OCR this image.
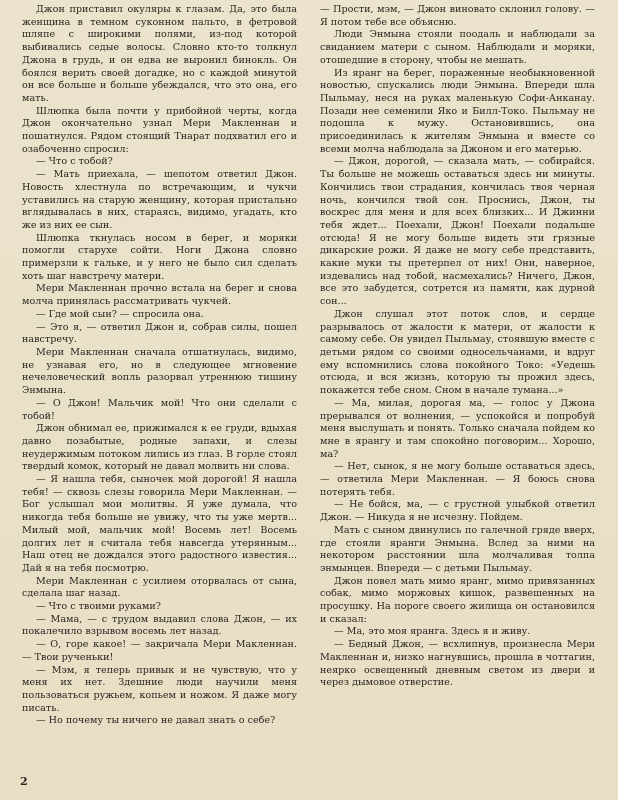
Джон приставил окуляры к глазам. Да, это была женщина в темном суконном пальто, в фетровой шляпе с широкими полями, из-под которой выбивались седые волосы. Словно кто-то толкнул Джона в грудь, и он едва не выронил бинокль. Он боялся верить своей догадке, но с каждой минутой он все больше и больше убеждался, что это она, его мать.

Шлюпка была почти у прибойной черты, когда Джон окончательно узнал Мери Макленнан и пошатнулся. Рядом стоящий Тнарат подхватил его и озабоченно спросил:

— Что с тобой?

— Мать приехала, — шепотом ответил Джон. Новость хлестнула по встречающим, и чукчи уставились на старую женщину, которая пристально вглядывалась в них, стараясь, видимо, угадать, кто же из них ее сын.

Шлюпка ткнулась носом в берег, и моряки помогли старухе сойти. Ноги Джона словно примерзли к гальке, и у него не было сил сделать хоть шаг навстречу матери.

Мери Макленнан прочно встала на берег и снова молча принялась рассматривать чукчей.

— Где мой сын? — спросила она.

— Это я, — ответил Джон и, собрав силы, пошел навстречу.

Мери Макленнан сначала отшатнулась, видимо, не узнавая его, но в следующее мгновение нечеловеческий вопль разорвал утреннюю тишину Энмына.

— О Джон! Мальчик мой! Что они сделали с тобой!

Джон обнимал ее, прижимался к ее груди, вдыхая давно позабытые, родные запахи, и слезы неудержимым потоком лились из глаз. В горле стоял твердый комок, который не давал молвить ни слова.

— Я нашла тебя, сыночек мой дорогой! Я нашла тебя! — сквозь слезы говорила Мери Макленнан. — Бог услышал мои молитвы. Я уже думала, что никогда тебя больше не увижу, что ты уже мертв... Милый мой, мальчик мой! Восемь лет! Восемь долгих лет я считала тебя навсегда утерянным... Наш отец не дождался этого радостного известия... Дай я на тебя посмотрю.

Мери Макленнан с усилием оторвалась от сына, сделала шаг назад.

— Что с твоими руками?

— Мама, — с трудом выдавил слова Джон, — их покалечило взрывом восемь лет назад.

— О, горе какое! — закричала Мери Макленнан. — Твои рученьки!

— Мэм, я теперь привык и не чувствую, что у меня их нет. Здешние люди научили меня пользоваться ружьем, копьем и ножом. Я даже могу писать.

— Но почему ты ничего не давал знать о себе?

— Прости, мэм, — Джон виновато склонил голову. — Я потом тебе все объясню.

Люди Энмына стояли поодаль и наблюдали за свиданием матери с сыном. Наблюдали и моряки, отошедшие в сторону, чтобы не мешать.

Из яранг на берег, пораженные необыкновенной новостью, спускались люди Энмына. Впереди шла Пыльмау, неся на руках маленькую Софи-Анканау. Позади нее семенили Яко и Билл-Токо. Пыльмау не подошла к мужу. Остановившись, она присоединилась к жителям Энмына и вместе со всеми молча наблюдала за Джоном и его матерью.

— Джон, дорогой, — сказала мать, — собирайся. Ты больше не можешь оставаться здесь ни минуты. Кончились твои страдания, кончилась твоя черная ночь, кончился твой сон. Проснись, Джон, ты воскрес для меня и для всех близких... И Джинни тебя ждет... Поехали, Джон! Поехали подальше отсюда! Я не могу больше видеть эти грязные дикарские рожи. Я даже не могу себе представить, какие муки ты претерпел от них! Они, наверное, издевались над тобой, насмехались? Ничего, Джон, все это забудется, сотрется из памяти, как дурной сон...

Джон слушал этот поток слов, и сердце разрывалось от жалости к матери, от жалости к самому себе. Он увидел Пыльмау, стоявшую вместе с детьми рядом со своими односельчанами, и вдруг ему вспомнились слова покойного Токо: «Уедешь отсюда, и вся жизнь, которую ты прожил здесь, покажется тебе сном. Сном в начале тумана...»

— Ма, милая, дорогая ма, — голос у Джона прерывался от волнения, — успокойся и попробуй меня выслушать и понять. Только сначала пойдем ко мне в ярангу и там спокойно поговорим... Хорошо, ма?

— Нет, сынок, я не могу больше оставаться здесь, — ответила Мери Макленнан. — Я боюсь снова потерять тебя.

— Не бойся, ма, — с грустной улыбкой ответил Джон. — Никуда я не исчезну. Пойдем.

Мать с сыном двинулись по галечной гряде вверх, где стояли яранги Энмына. Вслед за ними на некотором расстоянии шла молчаливая толпа энмынцев. Впереди — с детьми Пыльмау.

Джон повел мать мимо яранг, мимо привязанных собак, мимо моржовых кишок, развешенных на просушку. На пороге своего жилища он остановился и сказал:

— Ма, это моя яранга. Здесь я и живу.

— Бедный Джон, — всхлипнув, произнесла Мери Макленнан и, низко нагнувшись, прошла в чоттагин, неярко освещенный дневным светом из двери и через дымовое отверстие.

2
